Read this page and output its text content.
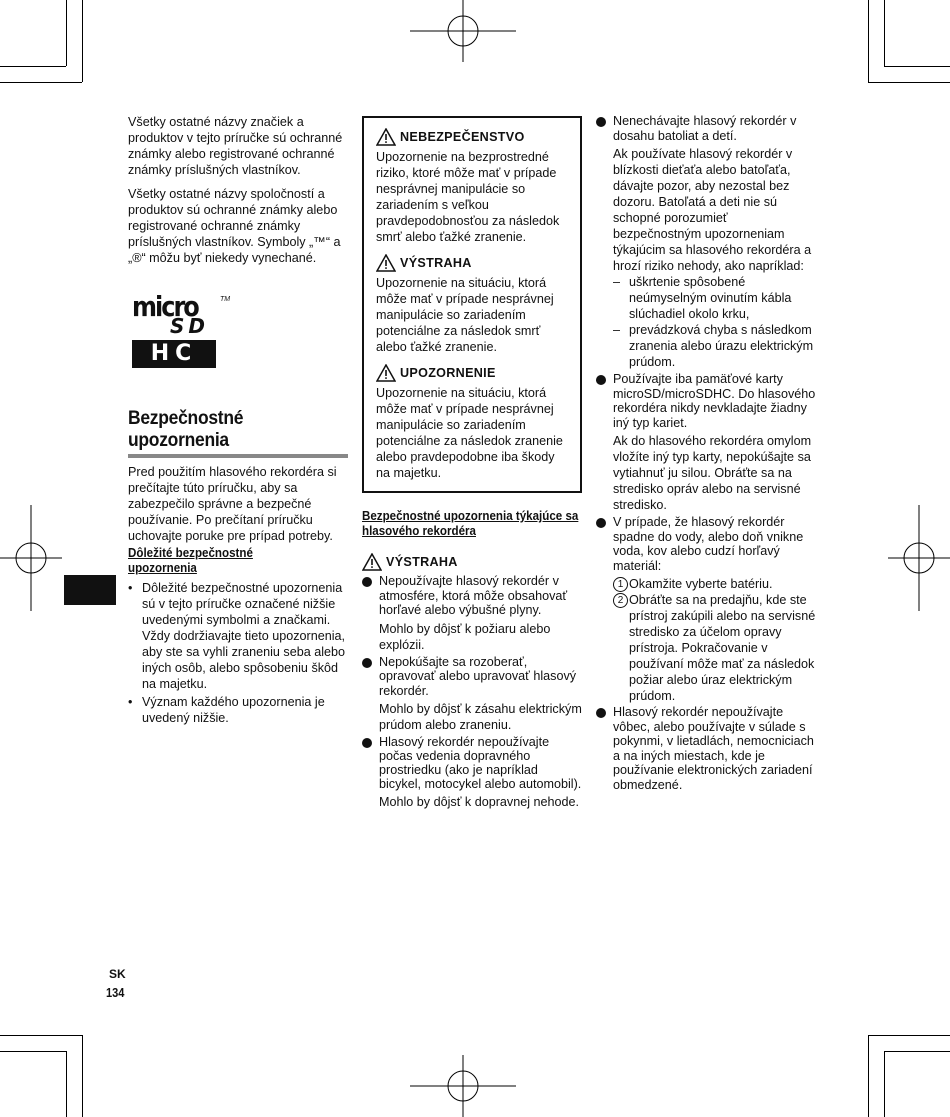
Všetky ostatné názvy značiek a produktov v tejto príručke sú ochranné známky alebo registrované ochranné známky príslušných vlastníkov.

Všetky ostatné názvy spoločností a produktov sú ochranné známky alebo registrované ochranné známky príslušných vlastníkov. Symboly „™“ a „®“ môžu byť niekedy vynechané.

micro
SD
TM
HC
Bezpečnostné upozornenia

Pred použitím hlasového rekordéra si prečítajte túto príručku, aby sa zabezpečilo správne a bezpečné používanie. Po prečítaní príručku uchovajte poruke pre prípad potreby.

Dôležité bezpečnostné upozornenia
• Dôležité bezpečnostné upozornenia sú v tejto príručke označené nižšie uvedenými symbolmi a značkami. Vždy dodržiavajte tieto upozornenia, aby ste sa vyhli zraneniu seba alebo iných osôb, alebo spôsobeniu škôd na majetku.
• Význam každého upozornenia je uvedený nižšie.
NEBEZPEČENSTVO

Upozornenie na bezprostredné riziko, ktoré môže mať v prípade nesprávnej manipulácie so zariadením s veľkou pravdepodobnosťou za následok smrť alebo ťažké zranenie.

VÝSTRAHA

Upozornenie na situáciu, ktorá môže mať v prípade nesprávnej manipulácie so zariadením potenciálne za následok smrť alebo ťažké zranenie.

UPOZORNENIE

Upozornenie na situáciu, ktorá môže mať v prípade nesprávnej manipulácie so zariadením potenciálne za následok zranenie alebo pravdepodobne iba škody na majetku.

Bezpečnostné upozornenia týkajúce sa hlasového rekordéra
VÝSTRAHA

Nepoužívajte hlasový rekordér v atmosfére, ktorá môže obsahovať horľavé alebo výbušné plyny.

Mohlo by dôjsť k požiaru alebo explózii.

Nepokúšajte sa rozoberať, opravovať alebo upravovať hlasový rekordér.

Mohlo by dôjsť k zásahu elektrickým prúdom alebo zraneniu.

Hlasový rekordér nepoužívajte počas vedenia dopravného prostriedku (ako je napríklad bicykel, motocykel alebo automobil).

Mohlo by dôjsť k dopravnej nehode.

Nenechávajte hlasový rekordér v dosahu batoliat a detí.

Ak používate hlasový rekordér v blízkosti dieťaťa alebo batoľaťa, dávajte pozor, aby nezostal bez dozoru. Batoľatá a deti nie sú schopné porozumieť bezpečnostným upozorneniam týkajúcim sa hlasového rekordéra a hrozí riziko nehody, ako napríklad:

– uškrtenie spôsobené neúmyselným ovinutím kábla slúchadiel okolo krku,
– prevádzková chyba s následkom zranenia alebo úrazu elektrickým prúdom.

Používajte iba pamäťové karty microSD/microSDHC. Do hlasového rekordéra nikdy nevkladajte žiadny iný typ kariet.

Ak do hlasového rekordéra omylom vložíte iný typ karty, nepokúšajte sa vytiahnuť ju silou. Obráťte sa na stredisko opráv alebo na servisné stredisko.

V prípade, že hlasový rekordér spadne do vody, alebo doň vnikne voda, kov alebo cudzí horľavý materiál:

1 Okamžite vyberte batériu.
2 Obráťte sa na predajňu, kde ste prístroj zakúpili alebo na servisné stredisko za účelom opravy prístroja. Pokračovanie v používaní môže mať za následok požiar alebo úraz elektrickým prúdom.

Hlasový rekordér nepoužívajte vôbec, alebo používajte v súlade s pokynmi, v lietadlách, nemocniciach a na iných miestach, kde je používanie elektronických zariadení obmedzené.

SK
134
